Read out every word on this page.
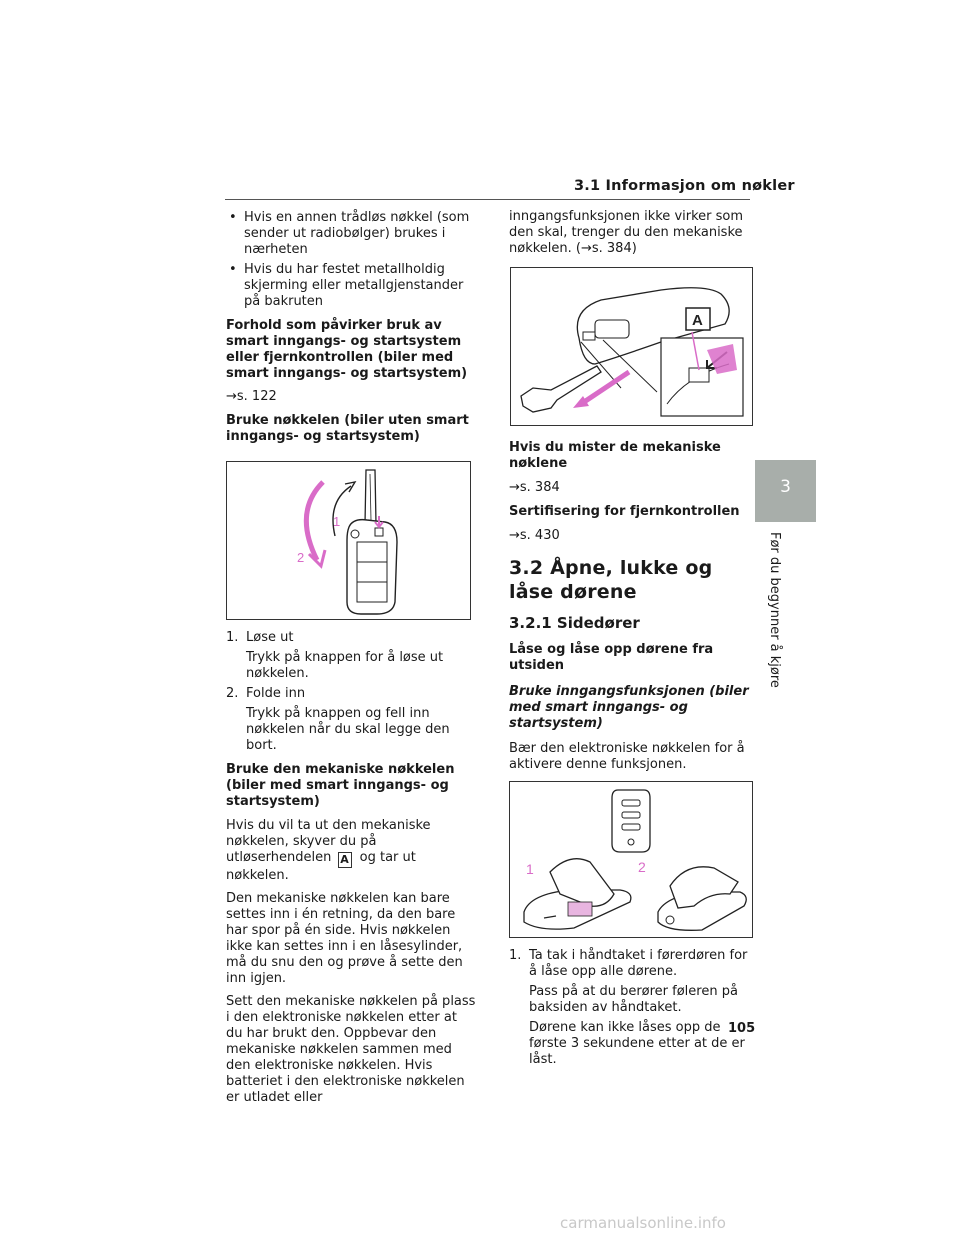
3.1 Informasjon om nøkler
3
Før du begynner å kjøre
• Hvis en annen trådløs nøkkel (som sender ut radiobølger) brukes i nærheten
• Hvis du har festet metallholdig skjerming eller metallgjenstander på bakruten
Forhold som påvirker bruk av smart inngangs- og startsystem eller fjernkontrollen (biler med smart inngangs- og startsystem)
→s. 122
Bruke nøkkelen (biler uten smart inngangs- og startsystem)
1
2
1. Løse ut
Trykk på knappen for å løse ut nøkkelen.
2. Folde inn
Trykk på knappen og fell inn nøkkelen når du skal legge den bort.
Bruke den mekaniske nøkkelen (biler med smart inngangs- og startsystem)
Hvis du vil ta ut den mekaniske nøkkelen, skyver du på utløserhendelen A og tar ut nøkkelen.
Den mekaniske nøkkelen kan bare settes inn i én retning, da den bare har spor på én side. Hvis nøkkelen ikke kan settes inn i en låsesylinder, må du snu den og prøve å sette den inn igjen.
Sett den mekaniske nøkkelen på plass i den elektroniske nøkkelen etter at du har brukt den. Oppbevar den mekaniske nøkkelen sammen med den elektroniske nøkkelen. Hvis batteriet i den elektroniske nøkkelen er utladet eller
inngangsfunksjonen ikke virker som den skal, trenger du den mekaniske nøkkelen. (→s. 384)
A
Hvis du mister de mekaniske nøklene
→s. 384
Sertifisering for fjernkontrollen
→s. 430
3.2 Åpne, lukke og låse dørene
3.2.1 Sidedører
Låse og låse opp dørene fra utsiden
Bruke inngangsfunksjonen (biler med smart inngangs- og startsystem)
Bær den elektroniske nøkkelen for å aktivere denne funksjonen.
1	2
1. Ta tak i håndtaket i førerdøren for å låse opp alle dørene.
Pass på at du berører føleren på baksiden av håndtaket.
Dørene kan ikke låses opp de første 3 sekundene etter at de er låst.
105
carmanualsonline.info
